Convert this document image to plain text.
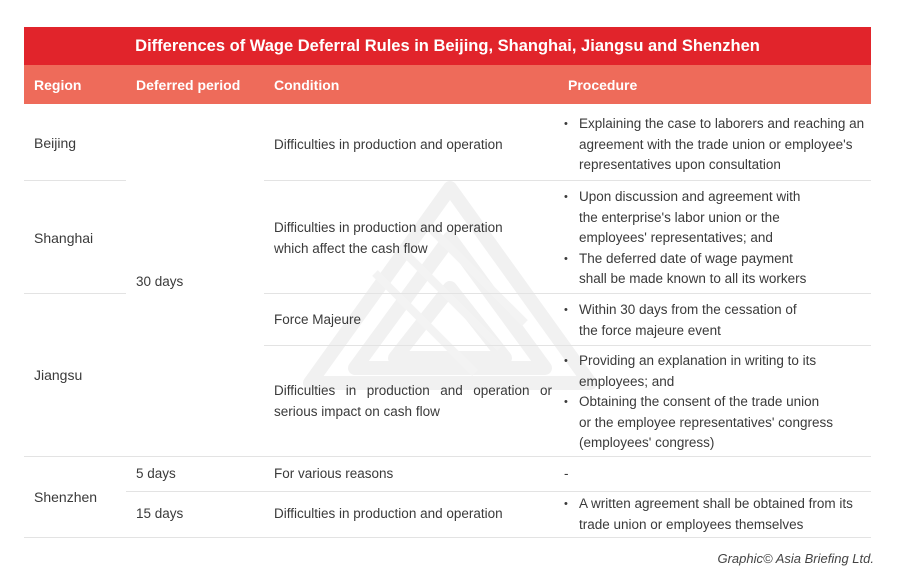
Differences of Wage Deferral Rules in Beijing, Shanghai, Jiangsu and Shenzhen
Region	Deferred period Condition	Procedure
Beijing
Shanghai
Jiangsu
Shenzhen
30 days
5 days
15 days
Difficulties in production and operation
Difficulties in production and operation which affect the cash flow
Force Majeure
Difficulties in production and operation or serious impact on cash flow
For various reasons
Difficulties in production and operation
• Explaining the case to laborers and reaching an agreement with the trade union or employee's representatives upon consultation
• Upon discussion and agreement with the enterprise's labor union or the employees' representatives; and
• The deferred date of wage payment shall be made known to all its workers
• Within 30 days from the cessation of the force majeure event
• Providing an explanation in writing to its employees; and
• Obtaining the consent of the trade union or the employee representatives' congress (employees' congress)
-
• A written agreement shall be obtained from its trade union or employees themselves
Graphic© Asia Briefing Ltd.
